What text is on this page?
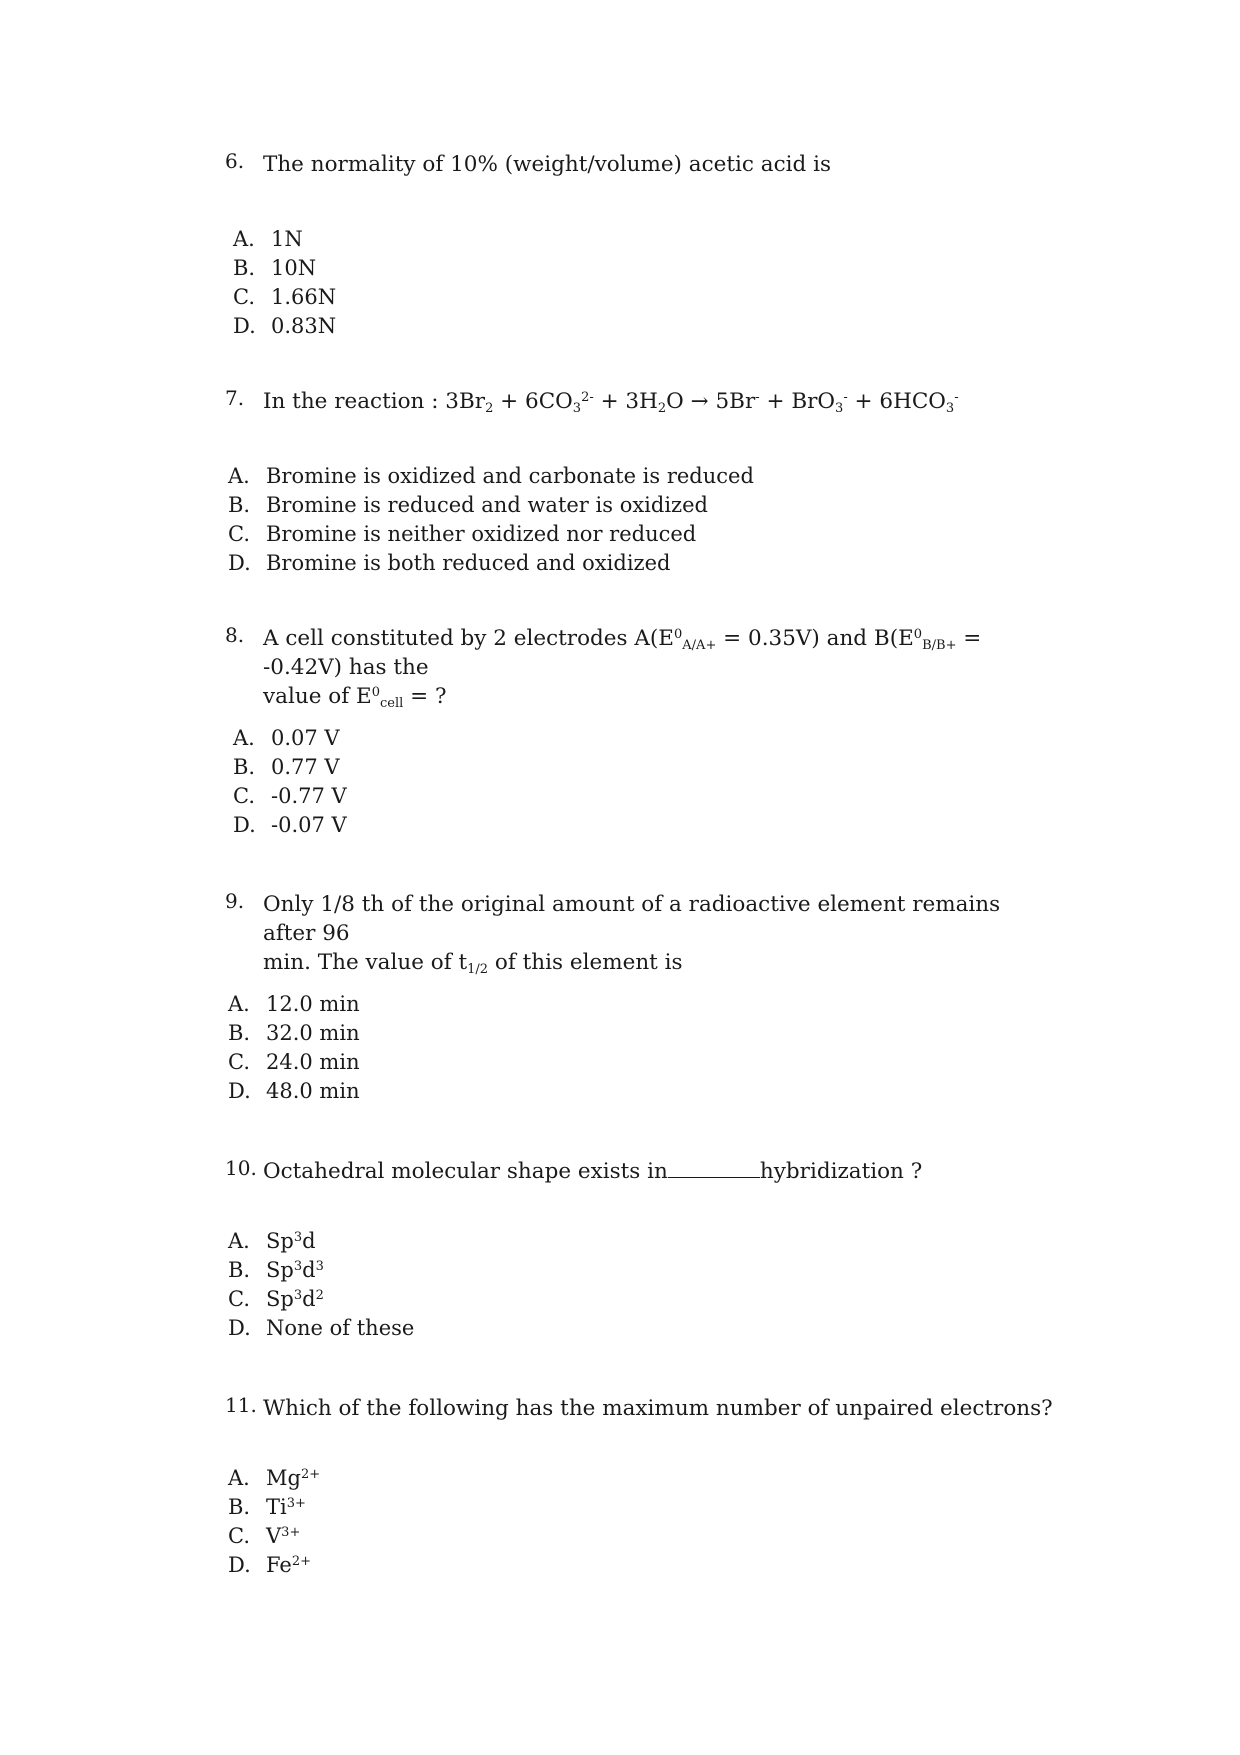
6. The normality of 10% (weight/volume) acetic acid is
A. 1N
B. 10N
C. 1.66N
D. 0.83N
7. In the reaction : $3Br_2 + 6CO_3^{2-} + 3H_2O \to 5Br^- + BrO_3^- + 6HCO_3^-$
A. Bromine is oxidized and carbonate is reduced
B. Bromine is reduced and water is oxidized
C. Bromine is neither oxidized nor reduced
D. Bromine is both reduced and oxidized
8. A cell constituted by 2 electrodes $A(E^0_{A/A+} = 0.35V)$ and $B(E^0_{B/B+} = -0.42V)$ has the
value of $E^0_{cell}$ = ?
A. 0.07 V
B. 0.77 V
C. -0.77 V
D. -0.07 V
9. Only 1/8 th of the original amount of a radioactive element remains after 96
min. The value of $t_{1/2}$ of this element is
A. 12.0 min
B. 32.0 min
C. 24.0 min
D. 48.0 min
10. Octahedral molecular shape exists in	hybridization ?
A. Sp$^3$d
B. $Sp^3d^3$
C. $Sp^3d^2$
D. None of these
11. Which of the following has the maximum number of unpaired electrons?
A. $Mg^{2+}$
B. $Ti^{3+}$
C. $V^{3+}$
D. $Fe^{2+}$
